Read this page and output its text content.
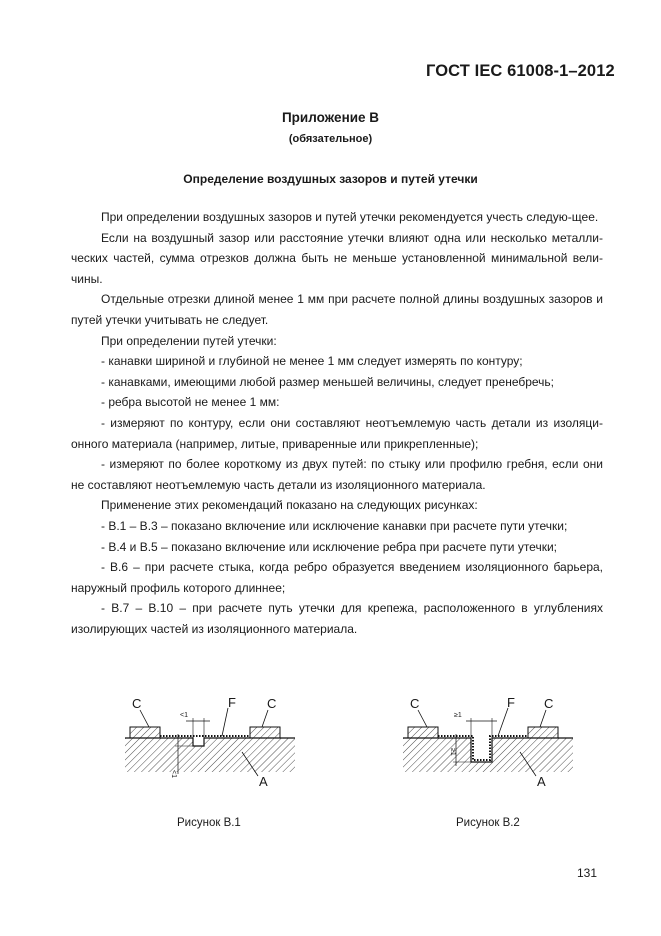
ГОСТ IEC 61008-1–2012
Приложение В
(обязательное)
Определение воздушных зазоров и путей утечки

При определении воздушных зазоров и путей утечки рекомендуется учесть следую-щее.

Если на воздушный зазор или расстояние утечки влияют одна или несколько металли-ческих частей, сумма отрезков должна быть не меньше установленной минимальной вели-чины.

Отдельные отрезки длиной менее 1 мм при расчете полной длины воздушных зазоров и путей утечки учитывать не следует.

При определении путей утечки:

- канавки шириной и глубиной не менее 1 мм следует измерять по контуру;

- канавками, имеющими любой размер меньшей величины, следует пренебречь;

- ребра высотой не менее 1 мм:

- измеряют по контуру, если они составляют неотъемлемую часть детали из изоляци-онного материала (например, литые, приваренные или прикрепленные);

- измеряют по более короткому из двух путей: по стыку или профилю гребня, если они не составляют неотъемлемую часть детали из изоляционного материала.

Применение этих рекомендаций показано на следующих рисунках:

- В.1 – В.3 – показано включение или исключение канавки при расчете пути утечки;

- В.4 и В.5 – показано включение или исключение ребра при расчете пути утечки;

- В.6 – при расчете стыка, когда ребро образуется введением изоляционного барьера, наружный профиль которого длиннее;

- В.7 – В.10 – при расчете путь утечки для крепежа, расположенного в углублениях изолирующих частей из изоляционного материала.

<1
<1
C	F C
A
≥1
≥1
C	F C
A
Рисунок В.1	Рисунок В.2
131
